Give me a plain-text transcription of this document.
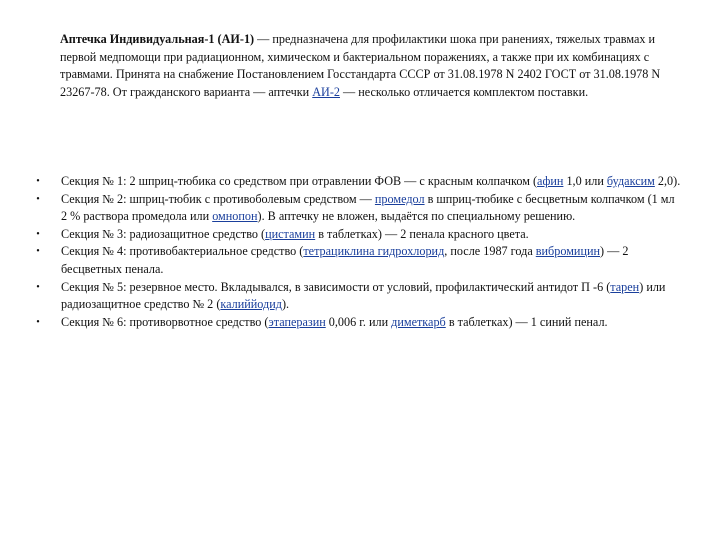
Аптечка Индивидуальная-1 (АИ-1) — предназначена для профилактики шока при ранениях, тяжелых травмах и первой медпомощи при радиационном, химическом и бактериальном поражениях, а также при их комбинациях с травмами. Принята на снабжение Постановлением Госстандарта СССР от 31.08.1978 N 2402 ГОСТ от 31.08.1978 N 23267-78. От гражданского варианта — аптечки АИ-2 — несколько отличается комплектом поставки.

• Секция № 1: 2 шприц-тюбика со средством при отравлении ФОВ — с красным колпачком (афин 1,0 или будаксим 2,0).
• Секция № 2: шприц-тюбик с противоболевым средством — промедол в шприц-тюбике с бесцветным колпачком (1 мл 2 % раствора промедола или омнопон). В аптечку не вложен, выдаётся по специальному решению.
• Секция № 3: радиозащитное средство (цистамин в таблетках) — 2 пенала красного цвета.
• Секция № 4: противобактериальное средство (тетрациклина гидрохлорид, после 1987 года вибромицин) — 2 бесцветных пенала.
• Секция № 5: резервное место. Вкладывался, в зависимости от условий, профилактический антидот П -6 (тарен) или радиозащитное средство № 2 (калиййодид).
• Секция № 6: противорвотное средство (этаперазин 0,006 г. или диметкарб в таблетках) — 1 синий пенал.
